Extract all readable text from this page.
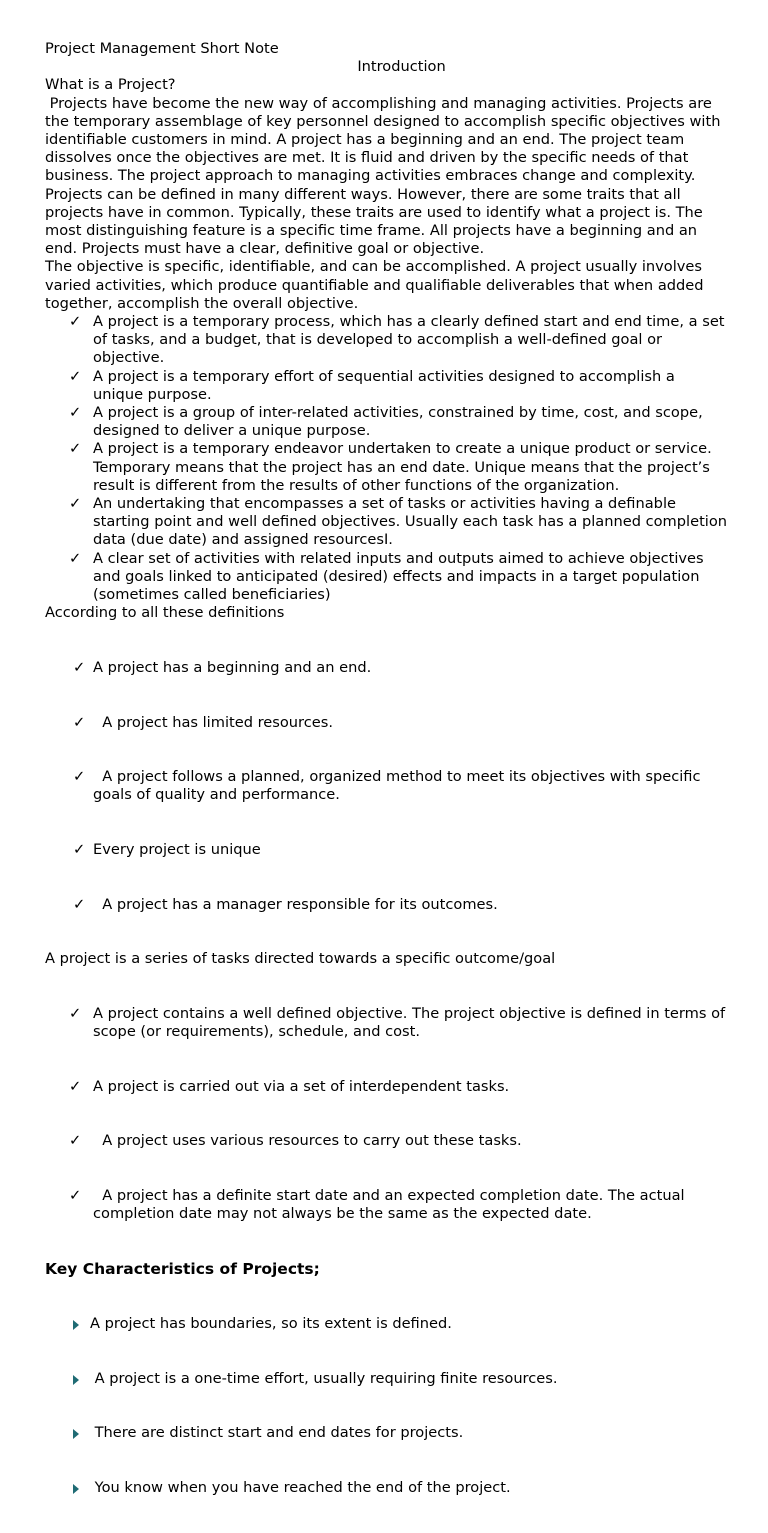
Project Management Short Note

Introduction

What is a Project?

Projects have become the new way of accomplishing and managing activities. Projects are the temporary assemblage of key personnel designed to accomplish specific objectives with identifiable customers in mind. A project has a beginning and an end. The project team dissolves once the objectives are met. It is fluid and driven by the specific needs of that business. The project approach to managing activities embraces change and complexity.

Projects can be defined in many different ways. However, there are some traits that all projects have in common. Typically, these traits are used to identify what a project is. The most distinguishing feature is a specific time frame. All projects have a beginning and an end. Projects must have a clear, definitive goal or objective.

The objective is specific, identifiable, and can be accomplished. A project usually involves varied activities, which produce quantifiable and qualifiable deliverables that when added together, accomplish the overall objective.

✓ A project is a temporary process, which has a clearly defined start and end time, a set of tasks, and a budget, that is developed to accomplish a well-defined goal or objective.
✓ A project is a temporary effort of sequential activities designed to accomplish a unique purpose.
✓ A project is a group of inter-related activities, constrained by time, cost, and scope, designed to deliver a unique purpose.
✓ A project is a temporary endeavor undertaken to create a unique product or service. Temporary means that the project has an end date. Unique means that the project’s result is different from the results of other functions of the organization.
✓ An undertaking that encompasses a set of tasks or activities having a definable starting point and well defined objectives. Usually each task has a planned completion data (due date) and assigned resourcesI.
✓ A clear set of activities with related inputs and outputs aimed to achieve objectives and goals linked to anticipated (desired) effects and impacts in a target population (sometimes called beneficiaries)

According to all these definitions

✓ A project has a beginning and an end.

✓ A project has limited resources.

✓ A project follows a planned, organized method to meet its objectives with specific goals of quality and performance.

✓ Every project is unique

✓ A project has a manager responsible for its outcomes.

A project is a series of tasks directed towards a specific outcome/goal

✓ A project contains a well defined objective. The project objective is defined in terms of scope (or requirements), schedule, and cost.

✓ A project is carried out via a set of interdependent tasks.

✓ A project uses various resources to carry out these tasks.

✓ A project has a definite start date and an expected completion date. The actual completion date may not always be the same as the expected date.

Key Characteristics of Projects;

A project has boundaries, so its extent is defined.

A project is a one-time effort, usually requiring finite resources.

There are distinct start and end dates for projects.

You know when you have reached the end of the project.
